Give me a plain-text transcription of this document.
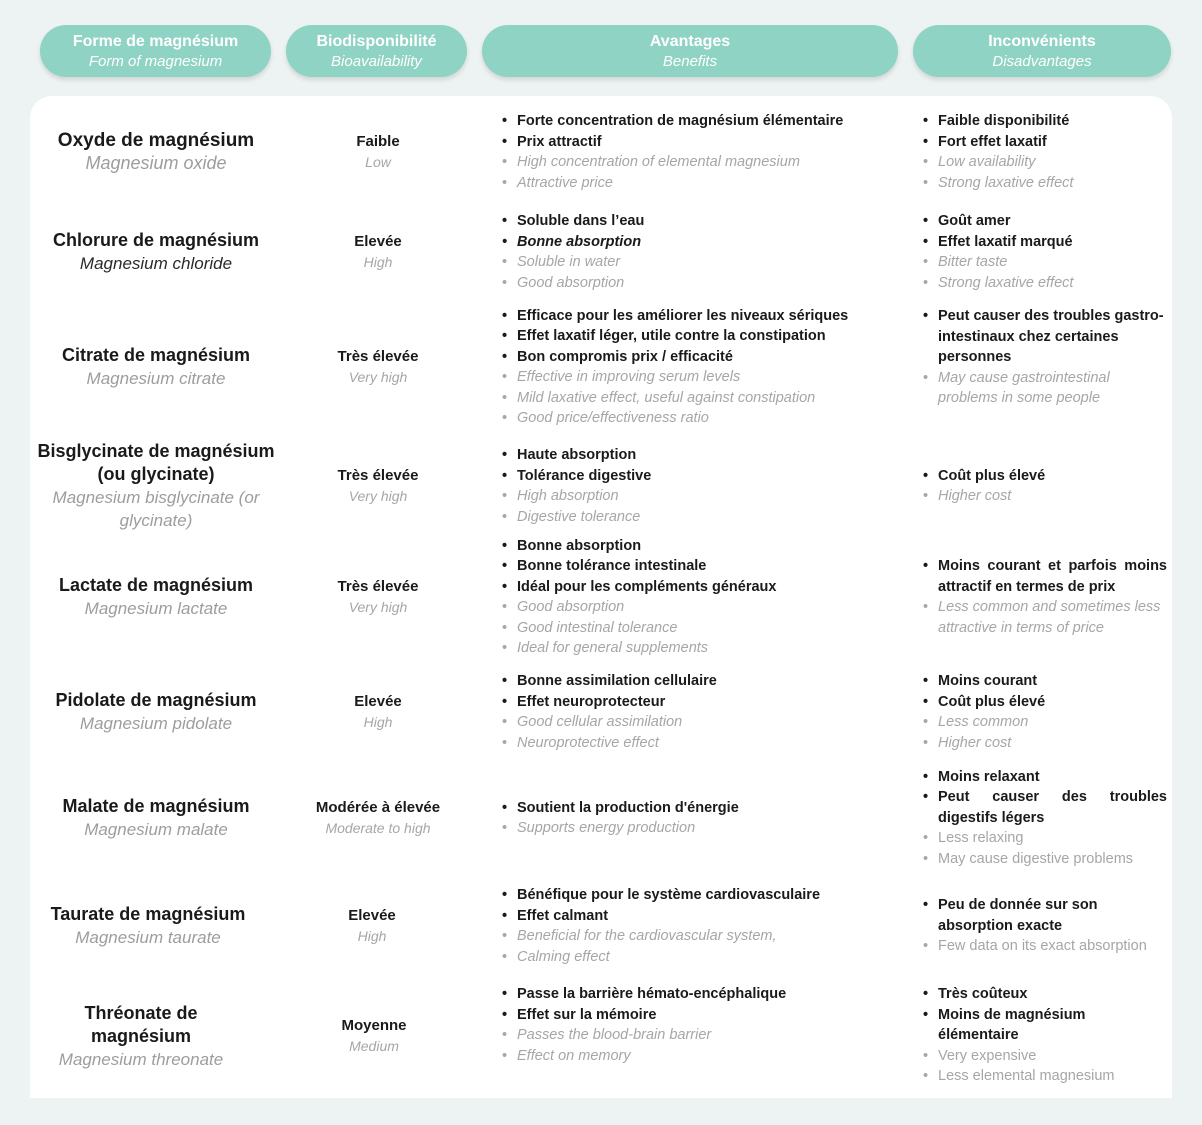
Forme de magnésium
Form of magnesium
Biodisponibilité
Bioavailability
Avantages
Benefits
Inconvénients
Disadvantages
Oxyde de magnésium
Magnesium oxide
Faible
Low
• Forte concentration de magnésium élémentaire
• Prix attractif
• High concentration of elemental magnesium
• Attractive price
• Faible disponibilité
• Fort effet laxatif
• Low availability
• Strong laxative effect
Chlorure de magnésium
Magnesium chloride
Elevée
High
• Soluble dans l’eau
• Bonne absorption
• Soluble in water
• Good absorption
• Goût amer
• Effet laxatif marqué
• Bitter taste
• Strong laxative effect
Citrate de magnésium
Magnesium citrate
Très élevée
Very high
• Efficace pour les améliorer les niveaux sériques
• Effet laxatif léger, utile contre la constipation
• Bon compromis prix / efficacité
• Effective in improving serum levels
• Mild laxative effect, useful against constipation
• Good price/effectiveness ratio
• Peut causer des troubles gastro-intestinaux chez certaines personnes
• May cause gastrointestinal problems in some people
Bisglycinate de magnésium (ou glycinate)
Magnesium bisglycinate (or glycinate)
Très élevée
Very high
• Haute absorption
• Tolérance digestive
• High absorption
• Digestive tolerance
• Coût plus élevé
• Higher cost
Lactate de magnésium
Magnesium lactate
Très élevée
Very high
• Bonne absorption
• Bonne tolérance intestinale
• Idéal pour les compléments généraux
• Good absorption
• Good intestinal tolerance
• Ideal for general supplements
• Moins courant et parfois moins attractif en termes de prix
• Less common and sometimes less attractive in terms of price
Pidolate de magnésium
Magnesium pidolate
Elevée
High
• Bonne assimilation cellulaire
• Effet neuroprotecteur
• Good cellular assimilation
• Neuroprotective effect
• Moins courant
• Coût plus élevé
• Less common
• Higher cost
Malate de magnésium
Magnesium malate
Modérée à élevée
Moderate to high
• Soutient la production d'énergie
• Supports energy production
• Moins relaxant
• Peut causer des troubles digestifs légers
• Less relaxing
• May cause digestive problems
Taurate de magnésium
Magnesium taurate
Elevée
High
• Bénéfique pour le système cardiovasculaire
• Effet calmant
• Beneficial for the cardiovascular system,
• Calming effect
• Peu de donnée sur son absorption exacte
• Few data on its exact absorption
Thréonate de magnésium
Magnesium threonate
Moyenne
Medium
• Passe la barrière hémato-encéphalique
• Effet sur la mémoire
• Passes the blood-brain barrier
• Effect on memory
• Très coûteux
• Moins de magnésium élémentaire
• Very expensive
• Less elemental magnesium
